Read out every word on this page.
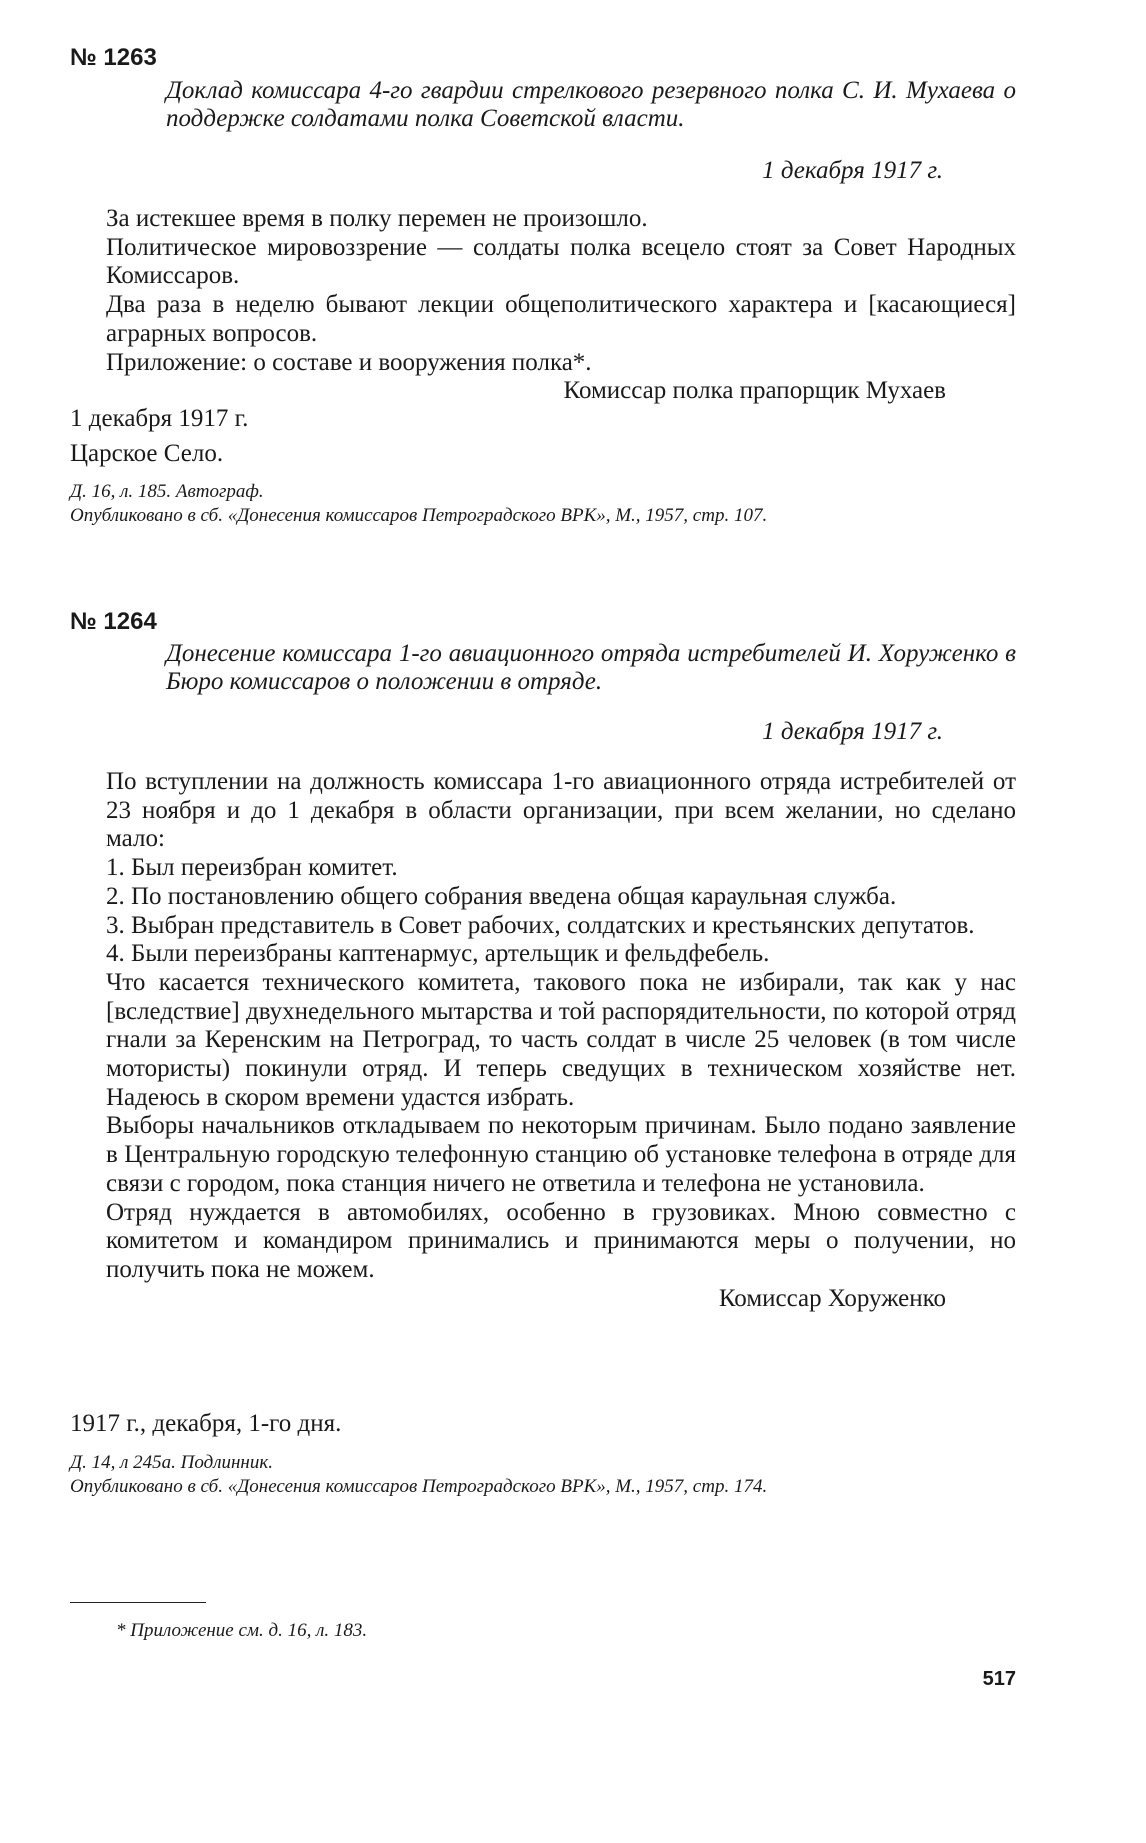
№ 1263
Доклад комиссара 4-го гвардии стрелкового резервного полка С. И. Мухаева о поддержке солдатами полка Советской власти.
1 декабря 1917 г.

За истекшее время в полку перемен не произошло.

Политическое мировоззрение — солдаты полка всецело стоят за Совет Народных Комиссаров.

Два раза в неделю бывают лекции общеполитического характера и [касающиеся] аграрных вопросов.

Приложение: о составе и вооружения полка*.

Комиссар полка прапорщик Мухаев

1 декабря 1917 г.
Царское Село.
Д. 16, л. 185. Автограф.
Опубликовано в сб. «Донесения комиссаров Петроградского ВРК», М., 1957, стр. 107.
№ 1264
Донесение комиссара 1-го авиационного отряда истребителей И. Хоруженко в Бюро комиссаров о положении в отряде.
1 декабря 1917 г.

По вступлении на должность комиссара 1-го авиационного отряда истребителей от 23 ноября и до 1 декабря в области организации, при всем желании, но сделано мало:

1. Был переизбран комитет.

2. По постановлению общего собрания введена общая караульная служба.

3. Выбран представитель в Совет рабочих, солдатских и крестьянских депутатов.

4. Были переизбраны каптенармус, артельщик и фельдфебель.

Что касается технического комитета, такового пока не избирали, так как у нас [вследствие] двухнедельного мытарства и той распорядительности, по которой отряд гнали за Керенским на Петроград, то часть солдат в числе 25 человек (в том числе мотористы) покинули отряд. И теперь сведущих в техническом хозяйстве нет. Надеюсь в скором времени удастся избрать.

Выборы начальников откладываем по некоторым причинам. Было подано заявление в Центральную городскую телефонную станцию об установке телефона в отряде для связи с городом, пока станция ничего не ответила и телефона не установила.

Отряд нуждается в автомобилях, особенно в грузовиках. Мною совместно с комитетом и командиром принимались и принимаются меры о получении, но получить пока не можем.

Комиссар Хоруженко

1917 г., декабря, 1-го дня.
Д. 14, л 245а. Подлинник.
Опубликовано в сб. «Донесения комиссаров Петроградского ВРК», М., 1957, стр. 174.
* Приложение см. д. 16, л. 183.
517
